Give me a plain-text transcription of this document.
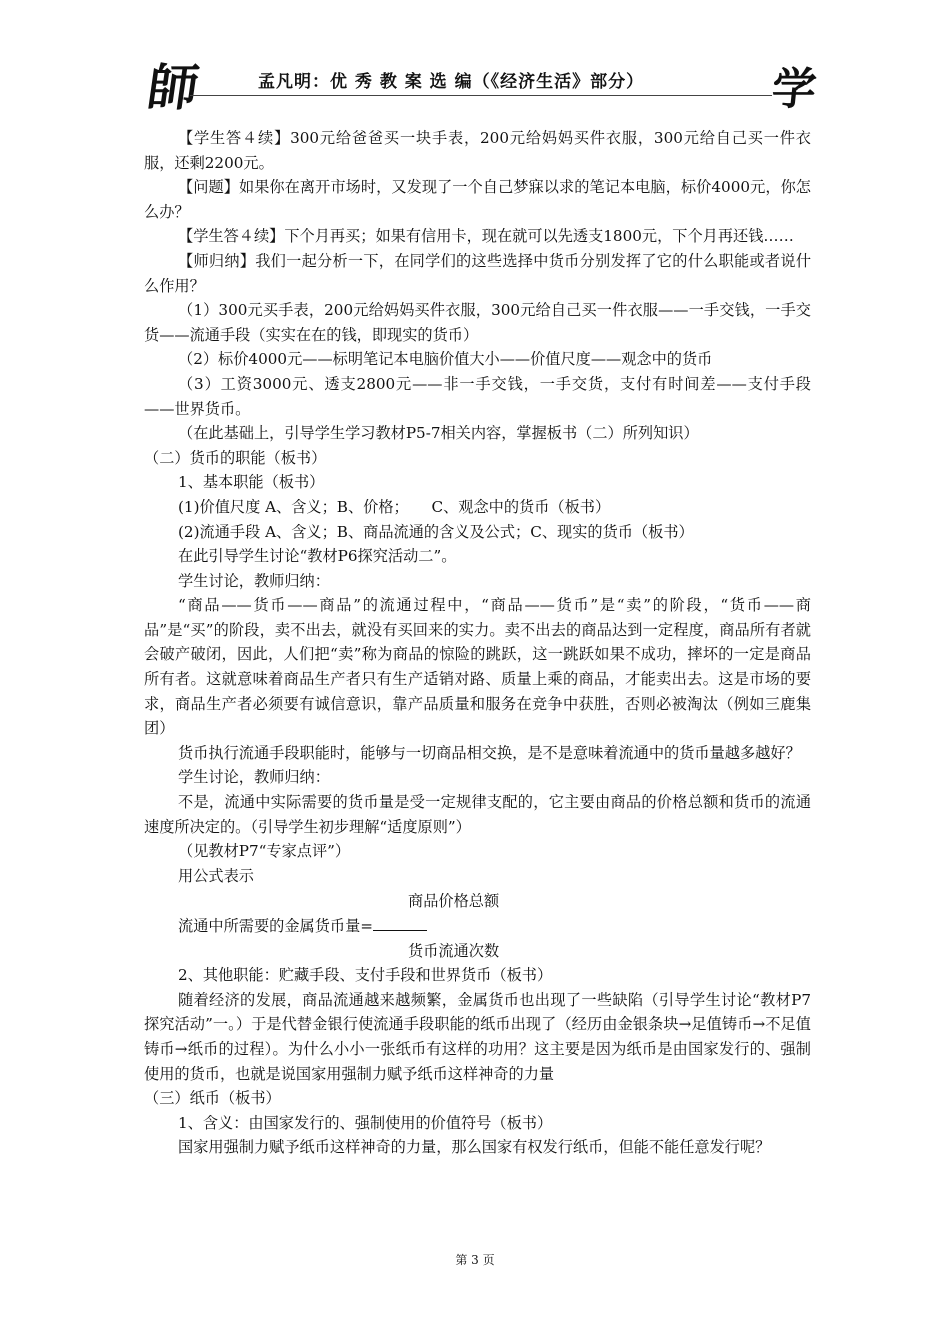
師	孟凡明：优 秀 教 案 选 编（《经济生活》部分）	学

【学生答４续】300元给爸爸买一块手表，200元给妈妈买件衣服，300元给自己买一件衣服，还剩2200元。

【问题】如果你在离开市场时，又发现了一个自己梦寐以求的笔记本电脑，标价4000元，你怎么办？

【学生答４续】下个月再买；如果有信用卡，现在就可以先透支1800元，下个月再还钱……

【师归纳】我们一起分析一下，在同学们的这些选择中货币分别发挥了它的什么职能或者说什么作用？

（1）300元买手表，200元给妈妈买件衣服，300元给自己买一件衣服——一手交钱，一手交货——流通手段（实实在在的钱，即现实的货币）

（2）标价4000元——标明笔记本电脑价值大小——价值尺度——观念中的货币

（3）工资3000元、透支2800元——非一手交钱，一手交货，支付有时间差——支付手段——世界货币。

（在此基础上，引导学生学习教材P5-7相关内容，掌握板书（二）所列知识）

（二）货币的职能（板书）

1、基本职能（板书）

(1)价值尺度 A、含义；B、价格；　　C、观念中的货币（板书）

(2)流通手段 A、含义；B、商品流通的含义及公式；C、现实的货币（板书）

在此引导学生讨论“教材P6探究活动二”。

学生讨论，教师归纳：

“商品——货币——商品”的流通过程中，“商品——货币”是“卖”的阶段，“货币——商品”是“买”的阶段，卖不出去，就没有买回来的实力。卖不出去的商品达到一定程度，商品所有者就会破产破闭，因此，人们把“卖”称为商品的惊险的跳跃，这一跳跃如果不成功，摔坏的一定是商品所有者。这就意味着商品生产者只有生产适销对路、质量上乘的商品，才能卖出去。这是市场的要求，商品生产者必须要有诚信意识，靠产品质量和服务在竞争中获胜，否则必被淘汰（例如三鹿集团）

货币执行流通手段职能时，能够与一切商品相交换，是不是意味着流通中的货币量越多越好？

学生讨论，教师归纳：

不是，流通中实际需要的货币量是受一定规律支配的，它主要由商品的价格总额和货币的流通速度所决定的。（引导学生初步理解“适度原则”）

（见教材P7“专家点评”）

用公式表示

商品价格总额

流通中所需要的金属货币量=

货币流通次数

2、其他职能：贮藏手段、支付手段和世界货币（板书）

随着经济的发展，商品流通越来越频繁，金属货币也出现了一些缺陷（引导学生讨论“教材P7探究活动”一。）于是代替金银行使流通手段职能的纸币出现了（经历由金银条块→足值铸币→不足值铸币→纸币的过程）。为什么小小一张纸币有这样的功用？这主要是因为纸币是由国家发行的、强制使用的货币，也就是说国家用强制力赋予纸币这样神奇的力量

（三）纸币（板书）

1、含义：由国家发行的、强制使用的价值符号（板书）

国家用强制力赋予纸币这样神奇的力量，那么国家有权发行纸币，但能不能任意发行呢？

第 3 页
